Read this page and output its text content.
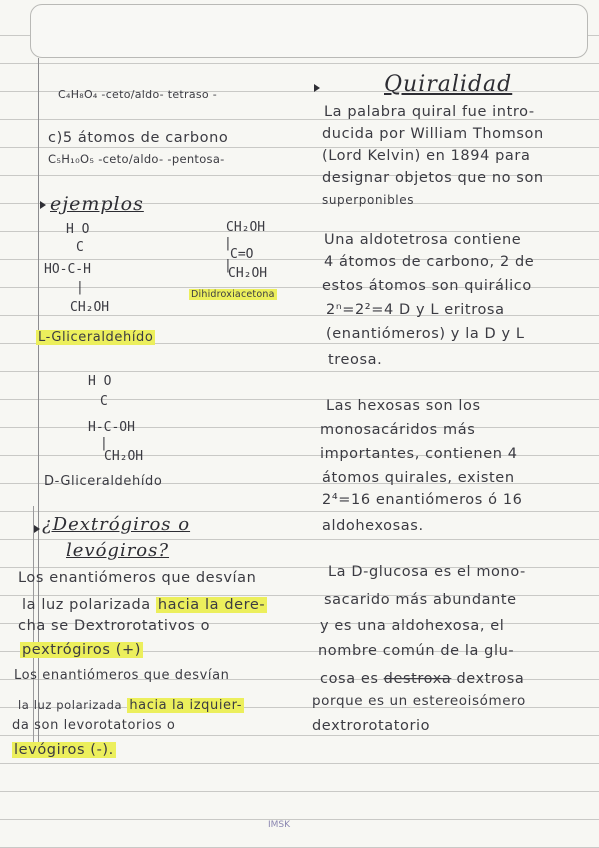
C₄H₈O₄ -ceto/aldo- tetraso -
c)5 átomos de carbono
C₅H₁₀O₅ -ceto/aldo- -pentosa-
ejemplos
H O
C
HO-C-H
|
CH₂OH
CH₂OH
|
C=O
|
CH₂OH
Dihidroxiacetona
L-Gliceraldehído
H O
C
H-C-OH
|
CH₂OH
D-Gliceraldehído
¿Dextrógiros o
levógiros?
Los enantiómeros que desvían
la luz polarizada hacia la dere-
cha se Dextrorotativos o
pextrógiros (+)
Los enantiómeros que desvían
la luz polarizada hacia la izquier-
da son levorotatorios o
levógiros (-).
Quiralidad
La palabra quiral fue intro-
ducida por William Thomson
(Lord Kelvin) en 1894 para
designar objetos que no son
superponibles
Una aldotetrosa contiene
4 átomos de carbono, 2 de
estos átomos son quirálico
2ⁿ=2²=4 D y L eritrosa
(enantiómeros) y la D y L
treosa.
Las hexosas son los
monosacáridos más
importantes, contienen 4
átomos quirales, existen
2⁴=16 enantiómeros ó 16
aldohexosas.
La D-glucosa es el mono-
sacarido más abundante
y es una aldohexosa, el
nombre común de la glu-
cosa es destroxa dextrosa
porque es un estereoisómero
dextrorotatorio
IMSK
